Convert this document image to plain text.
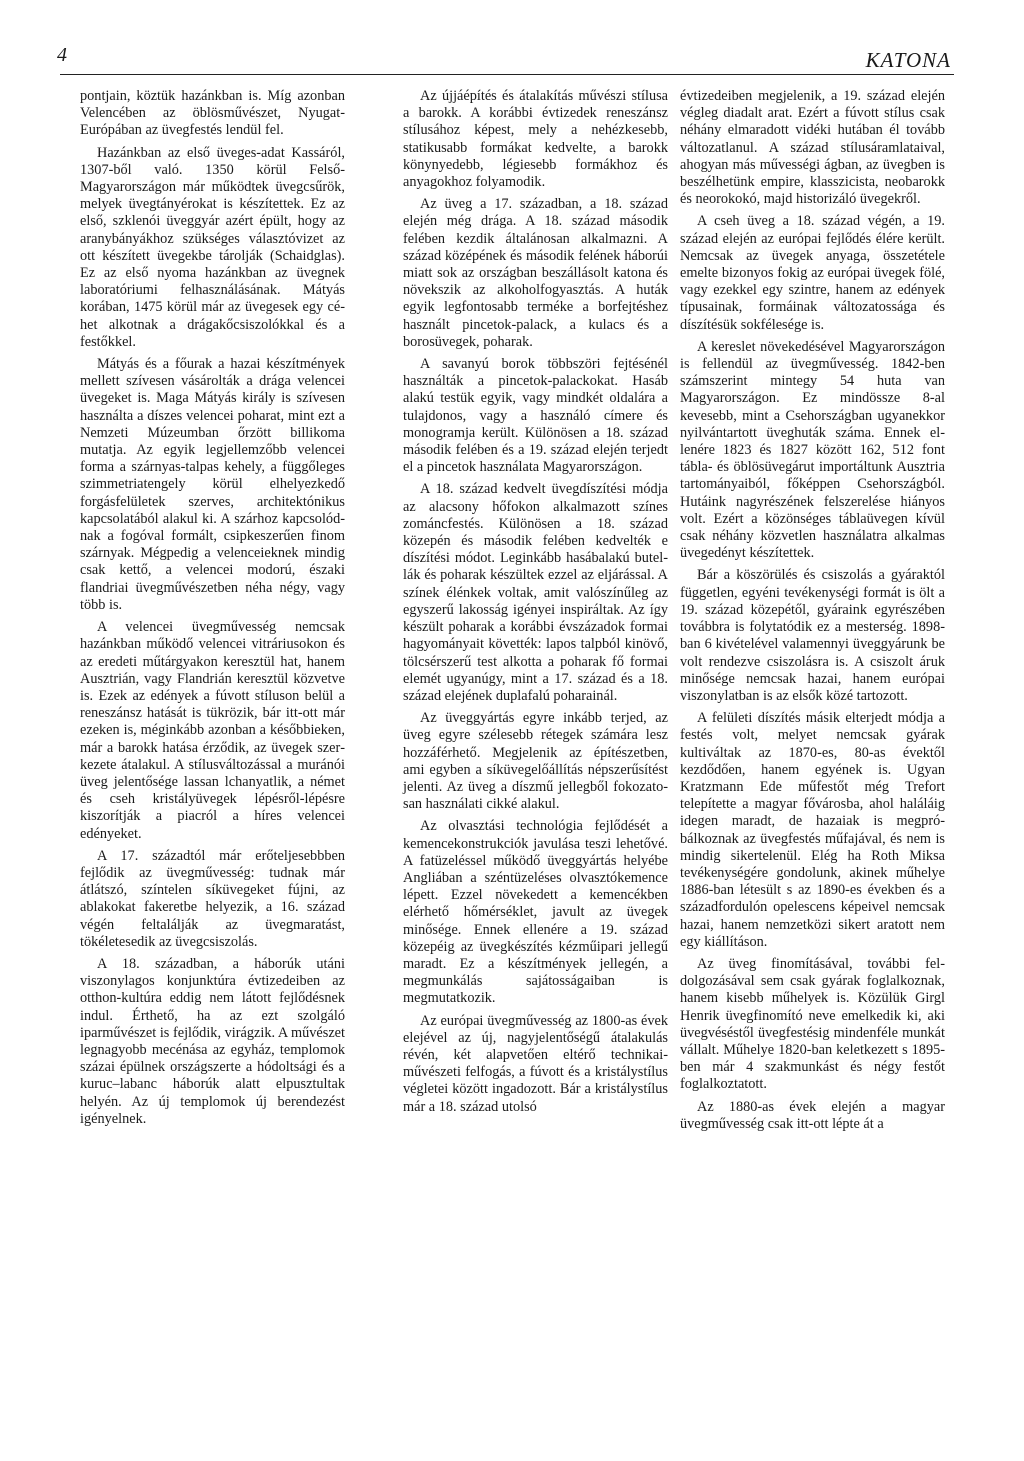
4	KATONA

pontjain, köztük hazánkban is. Míg azonban Velencében az öblösművészet, Nyugat-Európában az üvegfestés lendül fel.

Hazánkban az első üveges-adat Kassáról, 1307-ből való. 1350 körül Felső-Magyarországon már működtek üvegcsűrök, melyek üvegtányérokat is készítettek. Ez az első, szklenói üveggyár azért épült, hogy az aranybányákhoz szükséges választóvizet az ott készített üvegekbe tárolják (Schaidglas). Ez az első nyoma hazánkban az üvegnek laboratóriumi felhasználásának. Mátyás korában, 1475 körül már az üvegesek egy céhet alkotnak a drágakőcsiszolókkal és a festőkkel.

Mátyás és a főurak a hazai készítmények mellett szívesen vásárolták a drága velencei üvegeket is. Maga Mátyás király is szívesen használta a díszes velencei poharat, mint ezt a Nemzeti Múzeumban őrzött billikoma mutatja. Az egyik legjellemzőbb velencei forma a szárnyas-talpas kehely, a függőleges szimmetriatengely körül elhelyezkedő forgásfelületek szerves, architektónikus kapcsolatából alakul ki. A szárhoz kapcsolódnak a fogóval formált, csipkeszerűen finom szárnyak. Mégpedig a velenceieknek mindig csak kettő, a velencei modorú, északi flandriai üvegművészetben néha négy, vagy több is.

A velencei üvegművesség nemcsak hazánkban működő velencei vitráriusokon és az eredeti műtárgyakon keresztül hat, hanem Ausztrián, vagy Flandrián keresztül közvetve is. Ezek az edények a fúvott stíluson belül a reneszánsz hatását is tükrözik, bár itt-ott már ezeken is, méginkább azonban a későbbieken, már a barokk hatása érződik, az üvegek szerkezete átalakul. A stílusváltozással a muránói üveg jelentősége lassan lchanyatlik, a német és cseh kristályüvegek lépésről-lépésre kiszorítják a piacról a híres velencei edényeket.

A 17. századtól már erőteljesebbben fejlődik az üvegművesség: tudnak már átlátszó, színtelen síküvegeket fújni, az ablakokat fakeretbe helyezik, a 16. század végén feltalálják az üvegmaratást, tökéletesedik az üvegcsiszolás.

A 18. században, a háborúk utáni viszonylagos konjunktúra évtizedeiben az otthon-kultúra eddig nem látott fejlődésnek indul. Érthető, ha az ezt szolgáló iparművészet is fejlődik, virágzik. A művészet legnagyobb mecénása az egyház, templomok százai épülnek országszerte a hódoltsági és a kuruc–labanc háborúk alatt elpusztultak helyén. Az új templomok új berendezést igényelnek.

Az újjáépítés és átalakítás művészi stílusa a barokk. A korábbi évtizedek reneszánsz stílusához képest, mely a nehézkesebb, statikusabb formákat kedvelte, a barokk könynyedebb, légiesebb formákhoz és anyagokhoz folyamodik.

Az üveg a 17. században, a 18. század elején még drága. A 18. század második felében kezdik általánosan alkalmazni. A század középének és második felének háborúi miatt sok az országban beszállásolt katona és növekszik az alkoholfogyasztás. A huták egyik legfontosabb terméke a borfejtéshez használt pincetok-palack, a kulacs és a borosüvegek, poharak.

A savanyú borok többszöri fejtésénél használták a pincetok-palackokat. Hasáb alakú testük egyik, vagy mindkét oldalára a tulajdonos, vagy a használó címere és monogramja került. Különösen a 18. század második felében és a 19. század elején terjedt el a pincetok használata Magyarországon.

A 18. század kedvelt üvegdíszítési módja az alacsony hőfokon alkalmazott színes zománcfestés. Különösen a 18. század közepén és második felében kedvelték e díszítési módot. Leginkább hasábalakú butellák és poharak készültek ezzel az eljárással. A színek élénkek voltak, amit valószínűleg az egyszerű lakosság igényei inspiráltak. Az így készült poharak a korábbi évszázadok formai hagyományait követték: lapos talpból kinövő, tölcsérszerű test alkotta a poharak fő formai elemét ugyanúgy, mint a 17. század és a 18. század elejének duplafalú poharainál.

Az üveggyártás egyre inkább terjed, az üveg egyre szélesebb rétegek számára lesz hozzáférhető. Megjelenik az építészetben, ami egyben a síküvegelőállítás népszerűsítést jelenti. Az üveg a díszmű jellegből fokozatosan használati cikké alakul.

Az olvasztási technológia fejlődését a kemencekonstrukciók javulása teszi lehetővé. A fatüzeléssel működő üveggyártás helyébe Angliában a széntüzeléses olvasztókemence lépett. Ezzel növekedett a kemencékben elérhető hőmérséklet, javult az üvegek minősége. Ennek ellenére a 19. század közepéig az üvegkészítés kézműipari jellegű maradt. Ez a készítmények jellegén, a megmunkálás sajátosságaiban is megmutatkozik.

Az európai üvegművesség az 1800-as évek elejével az új, nagyjelentőségű átalakulás révén, két alapvetően eltérő technikai-művészeti felfogás, a fúvott és a kristálystílus végletei között ingadozott. Bár a kristálystílus már a 18. század utolsó

évtizedeiben megjelenik, a 19. század elején végleg diadalt arat. Ezért a fúvott stílus csak néhány elmaradott vidéki hutában él tovább változatlanul. A század stílusáramlataival, ahogyan más művességi ágban, az üvegben is beszélhetünk empire, klasszicista, neobarokk és neorokokó, majd historizáló üvegekről.

A cseh üveg a 18. század végén, a 19. század elején az európai fejlődés élére került. Nemcsak az üvegek anyaga, összetétele emelte bizonyos fokig az európai üvegek fölé, vagy ezekkel egy szintre, hanem az edények típusainak, formáinak változatossága és díszítésük sokfélesége is.

A kereslet növekedésével Magyarországon is fellendül az üvegművesség. 1842-ben számszerint mintegy 54 huta van Magyarországon. Ez mindössze 8-al kevesebb, mint a Csehországban ugyanekkor nyilvántartott üveghuták száma. Ennek ellenére 1823 és 1827 között 162, 512 font tábla- és öblösüvegárut importáltunk Ausztria tartományaiból, főképpen Csehországból. Hutáink nagyrészének felszerelése hiányos volt. Ezért a közönséges táblaüvegen kívül csak néhány közvetlen használatra alkalmas üvegedényt készítettek.

Bár a köszörülés és csiszolás a gyáraktól független, egyéni tevékenységi formát is ölt a 19. század közepétől, gyáraink egyrészében továbbra is folytatódik ez a mesterség. 1898-ban 6 kivételével valamennyi üveggyárunk be volt rendezve csiszolásra is. A csiszolt áruk minősége nemcsak hazai, hanem európai viszonylatban is az elsők közé tartozott.

A felületi díszítés másik elterjedt módja a festés volt, melyet nemcsak gyárak kultiváltak az 1870-es, 80-as évektől kezdődően, hanem egyének is. Ugyan Kratzmann Ede műfestőt még Trefort telepítette a magyar fővárosba, ahol haláláig idegen maradt, de hazaiak is megpróbálkoznak az üvegfestés műfajával, és nem is mindig sikertelenül. Elég ha Roth Miksa tevékenységére gondolunk, akinek műhelye 1886-ban létesült s az 1890-es években és a századfordulón opelescens képeivel nemcsak hazai, hanem nemzetközi sikert aratott nem egy kiállításon.

Az üveg finomításával, további feldolgozásával sem csak gyárak foglalkoznak, hanem kisebb műhelyek is. Közülük Girgl Henrik üvegfinomító neve emelkedik ki, aki üvegvéséstől üvegfestésig mindenféle munkát vállalt. Műhelye 1820-ban keletkezett s 1895-ben már 4 szakmunkást és négy festőt foglalkoztatott.

Az 1880-as évek elején a magyar üvegművesség csak itt-ott lépte át a
